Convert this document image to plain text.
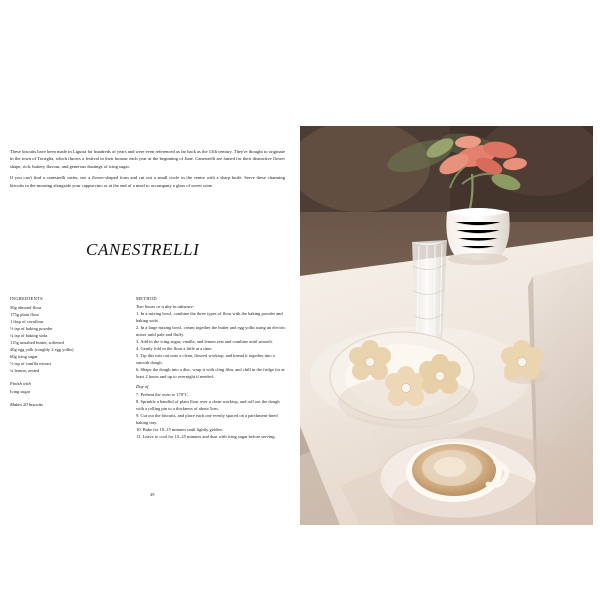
These biscuits have been made in Liguria for hundreds of years and were even referenced as far back as the 13th century. They're thought to originate in the town of Torriglia, which throws a festival in their honour each year at the beginning of June. Canestrelli are famed for their distinctive flower shape, rich, buttery flavour, and generous dustings of icing sugar.

If you can't find a canestrelli cutter, use a flower-shaped form and cut out a small circle in the centre with a sharp knife. Serve these charming biscuits in the morning alongside your cappuccino or at the end of a meal to accompany a glass of sweet wine.

CANESTRELLI
INGREDIENTS
50g almond flour
175g plain flour
1 tbsp of cornflour
½ tsp of baking powder
¼ tsp of baking soda
115g unsalted butter, softened
40g egg yolk (roughly 2 egg yolks)
60g icing sugar
½ tsp of vanilla extract
¼ lemon, zested
Finish with
Icing sugar
Makes 20 biscuits
METHOD
Two hours or a day in advance:
1. In a mixing bowl, combine the three types of flour with the baking powder and baking soda.
2. In a large mixing bowl, cream together the butter and egg yolks using an electric mixer until pale and fluffy.
3. Add in the icing sugar, vanilla, and lemon zest and combine until smooth.
4. Gently fold in the flour a little at a time.
5. Tip this mix out onto a clean, floured worktop, and knead it together into a smooth dough.
6. Shape the dough into a disc, wrap it with cling film, and chill in the fridge for at least 2 hours and up to overnight if needed.
Day of
7. Preheat the oven to 170°C.
8. Sprinkle a handful of plain flour over a clean worktop, and roll out the dough with a rolling pin to a thickness of about 5cm.
9. Cut out the biscuits, and place each one evenly spaced on a parchment-lined baking tray.
10. Bake for 10–15 minutes until lightly golden.
11. Leave to cool for 15–25 minutes and dust with icing sugar before serving.
49
